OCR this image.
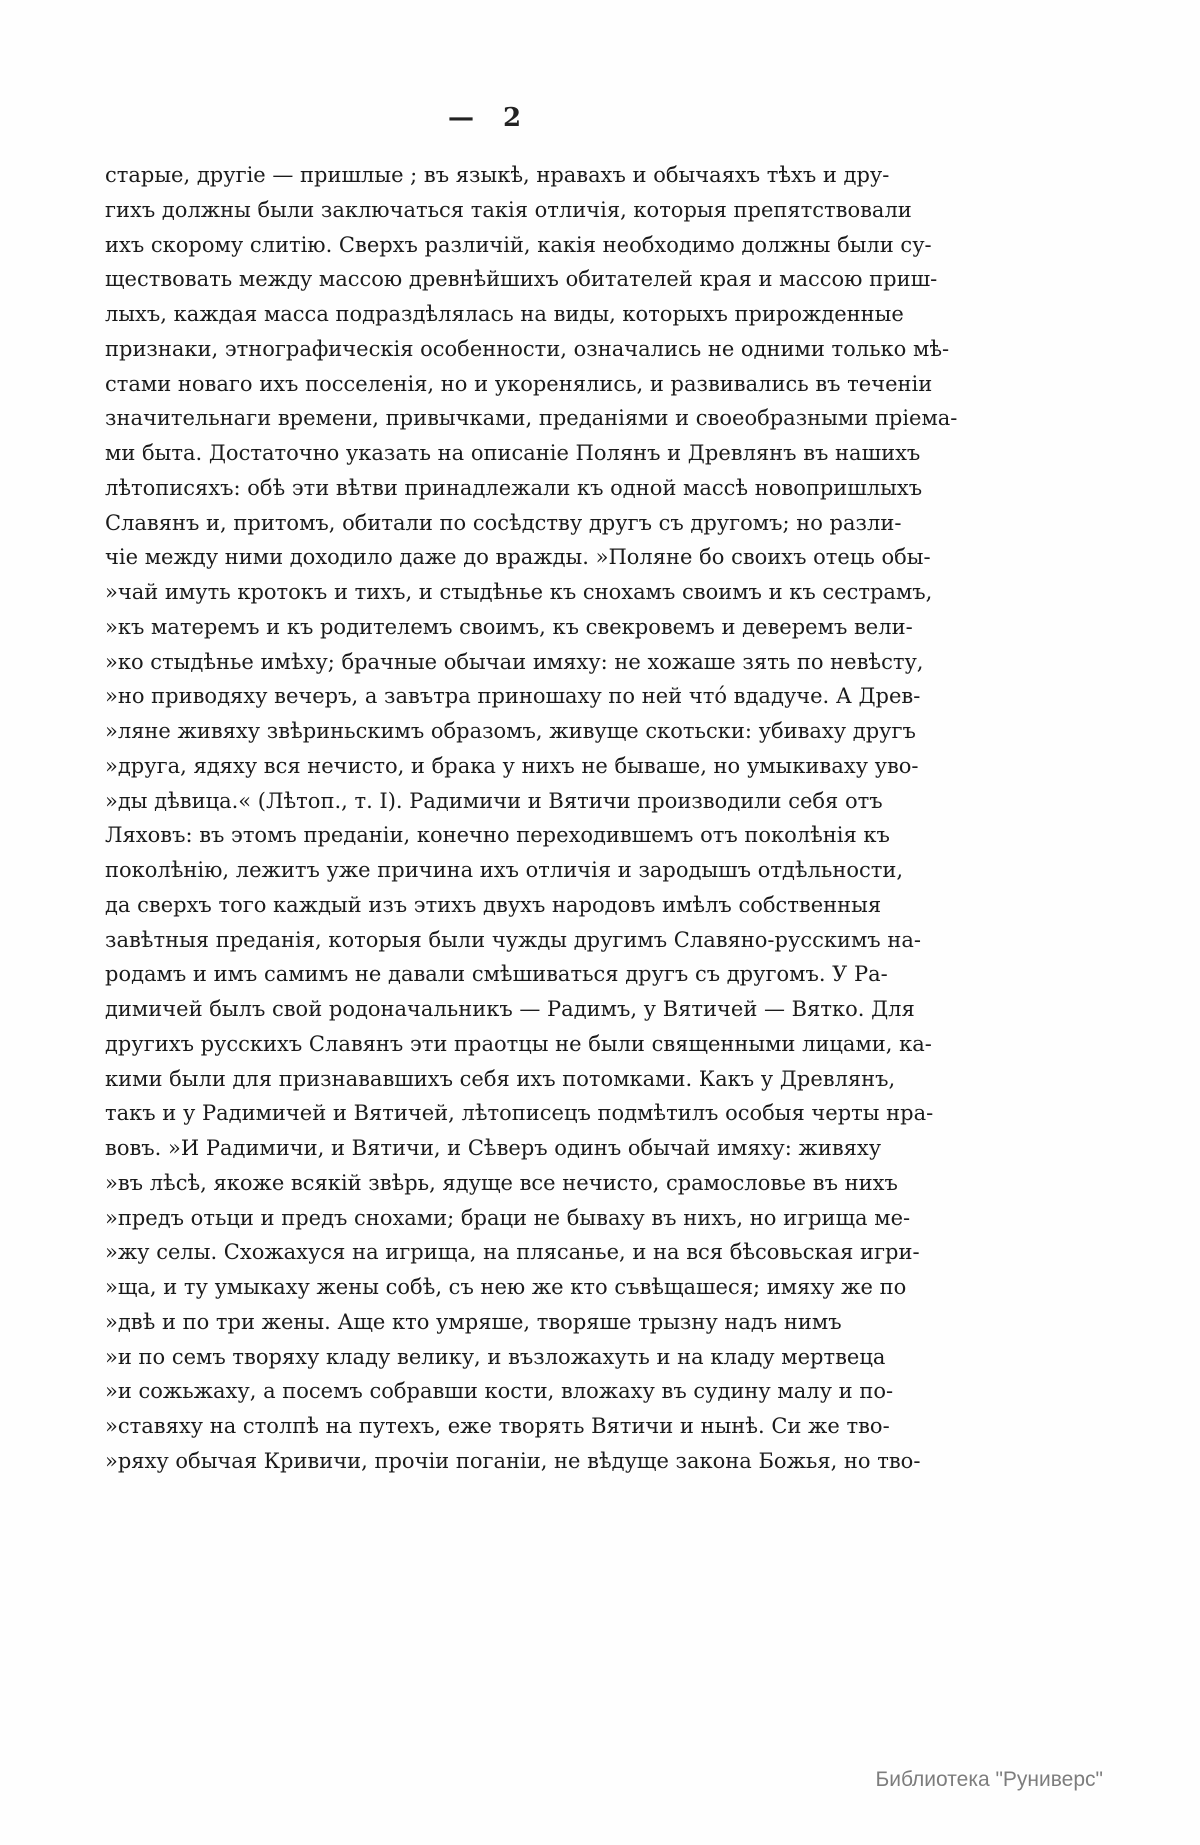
— 2

старые, другіе — пришлые ; въ языкѣ, нравахъ и обычаяхъ тѣхъ и дру-

гихъ должны были заключаться такія отличія, которыя препятствовали

ихъ скорому слитію. Сверхъ различій, какія необходимо должны были су-

ществовать между массою древнѣйшихъ обитателей края и массою приш-

лыхъ, каждая масса подраздѣлялась на виды, которыхъ прирожденные

признаки, этнографическія особенности, означались не одними только мѣ-

стами новаго ихъ посселенія, но и укоренялись, и развивались въ теченіи

значительнаги времени, привычками, преданіями и своеобразными пріема-

ми быта. Достаточно указать на описаніе Полянъ и Древлянъ въ нашихъ

лѣтописяхъ: обѣ эти вѣтви принадлежали къ одной массѣ новопришлыхъ

Славянъ и, притомъ, обитали по сосѣдству другъ съ другомъ; но разли-

чіе между ними доходило даже до вражды. »Поляне бо своихъ отець обы-

»чай имуть кротокъ и тихъ, и стыдѣнье къ снохамъ своимъ и къ сестрамъ,

»къ матеремъ и къ родителемъ своимъ, къ свекровемъ и деверемъ вели-

»ко стыдѣнье имѣху; брачные обычаи имяху: не хожаше зять по невѣсту,

»но приводяху вечеръ, а завътра приношаху по ней что́ вдадуче. А Древ-

»ляне живяху звѣриньскимъ образомъ, живуще скотьски: убиваху другъ

»друга, ядяху вся нечисто, и брака у нихъ не бываше, но умыкиваху уво-

»ды дѣвица.« (Лѣтоп., т. I). Радимичи и Вятичи производили себя отъ

Ляховъ: въ этомъ преданіи, конечно переходившемъ отъ поколѣнія къ

поколѣнію, лежитъ уже причина ихъ отличія и зародышъ отдѣльности,

да сверхъ того каждый изъ этихъ двухъ народовъ имѣлъ собственныя

завѣтныя преданія, которыя были чужды другимъ Славяно-русскимъ на-

родамъ и имъ самимъ не давали смѣшиваться другъ съ другомъ. У Ра-

димичей былъ свой родоначальникъ — Радимъ, у Вятичей — Вятко. Для

другихъ русскихъ Славянъ эти праотцы не были священными лицами, ка-

кими были для признававшихъ себя ихъ потомками. Какъ у Древлянъ,

такъ и у Радимичей и Вятичей, лѣтописецъ подмѣтилъ особыя черты нра-

вовъ. »И Радимичи, и Вятичи, и Сѣверъ одинъ обычай имяху: живяху

»въ лѣсѣ, якоже всякій звѣрь, ядуще все нечисто, срамословье въ нихъ

»предъ отьци и предъ снохами; браци не бываху въ нихъ, но игрища ме-

»жу селы. Схожахуся на игрища, на плясанье, и на вся бѣсовьская игри-

»ща, и ту умыкаху жены собѣ, съ нею же кто съвѣщашеся; имяху же по

»двѣ и по три жены. Аще кто умряше, творяше трызну надъ нимъ

»и по семъ творяху кладу велику, и възложахуть и на кладу мертвеца

»и сожьжаху, а посемъ собравши кости, вложаху въ судину малу и по-

»ставяху на столпѣ на путехъ, еже творять Вятичи и нынѣ. Си же тво-

»ряху обычая Кривичи, прочіи поганіи, не вѣдуще закона Божья, но тво-

Библиотека "Руниверс"
